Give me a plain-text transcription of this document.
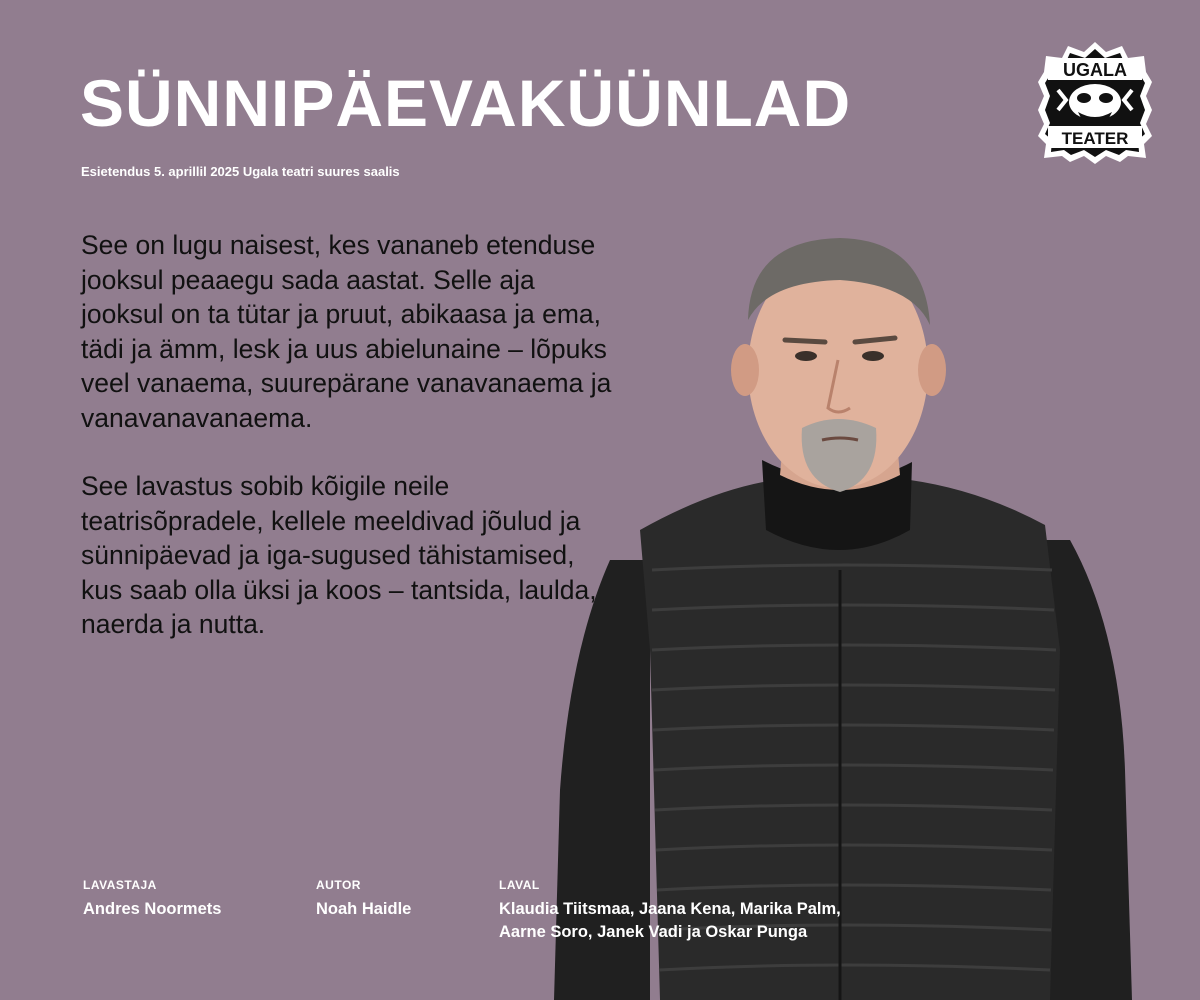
SÜNNIPÄEVAKÜÜNLAD
Esietendus 5. aprillil 2025 Ugala teatri suures saalis
UGALA
TEATER

See on lugu naisest, kes vananeb etenduse jooksul peaaegu sada aastat. Selle aja jooksul on ta tütar ja pruut, abikaasa ja ema, tädi ja ämm, lesk ja uus abielunaine – lõpuks veel vanaema, suurepärane vanavanaema ja vanavanavanaema.

See lavastus sobib kõigile neile teatrisõpradele, kellele meeldivad jõulud ja sünnipäevad ja iga-sugused tähistamised, kus saab olla üksi ja koos – tantsida, laulda, naerda ja nutta.

LAVASTAJA
Andres Noormets
AUTOR
Noah Haidle
LAVAL
Klaudia Tiitsmaa, Jaana Kena, Marika Palm,
Aarne Soro, Janek Vadi ja Oskar Punga
